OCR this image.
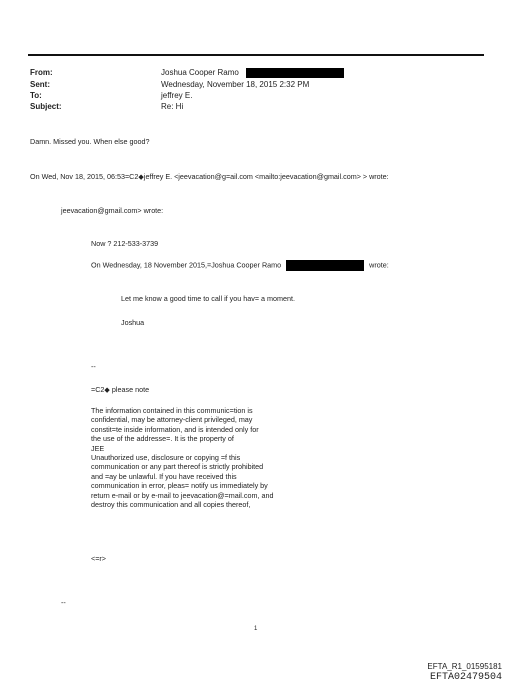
From:	Joshua Cooper Ramo
Sent:	Wednesday, November 18, 2015 2:32 PM
To:	jeffrey E.
Subject:	Re: Hi
Damn. Missed you. When else good?
On Wed, Nov 18, 2015, 06:53=C2◆jeffrey E. <jeevacation@g=ail.com <mailto:jeevacation@gmail.com> > wrote:
jeevacation@gmail.com> wrote:
Now ? 212-533-3739
On Wednesday, 18 November 2015,=Joshua Cooper Ramo	wrote:
Let me know a good time to call if you hav= a moment.
Joshua
--
=C2◆ please note
The information contained in this communic=tion is
confidential, may be attorney-client privileged, may
constit=te inside information, and is intended only for
the use of the addresse=. It is the property of
JEE
Unauthorized use, disclosure or copying =f this
communication or any part thereof is strictly prohibited
and =ay be unlawful. If you have received this
communication in error, pleas= notify us immediately by
return e-mail or by e-mail to jeevacation@=mail.com, and
destroy this communication and all copies thereof,
<=r>
--
1
EFTA_R1_01595181
EFTA02479504
